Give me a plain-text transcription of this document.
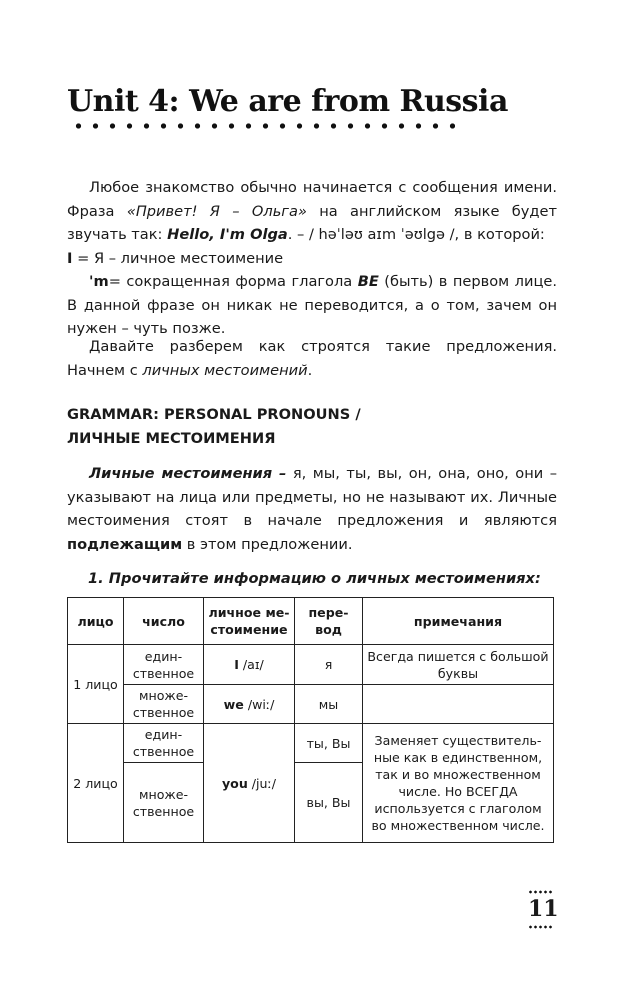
Unit 4: We are from Russia

Любое знакомство обычно начинается с сообщения имени. Фраза «Привет! Я – Ольга» на английском языке будет звучать так: Hello, I'm Olga. – / həˈləʊ aɪm ˈəʊlgə /, в которой:
I = Я – личное местоимение
'm= сокращенная форма глагола BE (быть) в первом лице. В данной фразе он никак не переводится, а о том, зачем он нужен – чуть позже.

Давайте разберем как строятся такие предложения. Начнем с личных местоимений.

GRAMMAR: PERSONAL PRONOUNS /
ЛИЧНЫЕ МЕСТОИМЕНИЯ

Личные местоимения – я, мы, ты, вы, он, она, оно, они –указывают на лица или предметы, но не называют их. Личные местоимения стоят в начале предложения и являются подлежащим в этом предложении.

1. Прочитайте информацию о личных местоимениях:

лицо	число	личное местоимение	перевод	примечания
1 лицо	единственное	I /aɪ/	я	Всегда пишется с большой буквы
	множественное	we /wiː/	мы	
2 лицо	единственное	you /juː/	ты, Вы	Заменяет существительные как в единственном, так и во множественном числе. Но ВСЕГДА используется с глаголом во множественном числе.
	множественное		вы, Вы	
11
